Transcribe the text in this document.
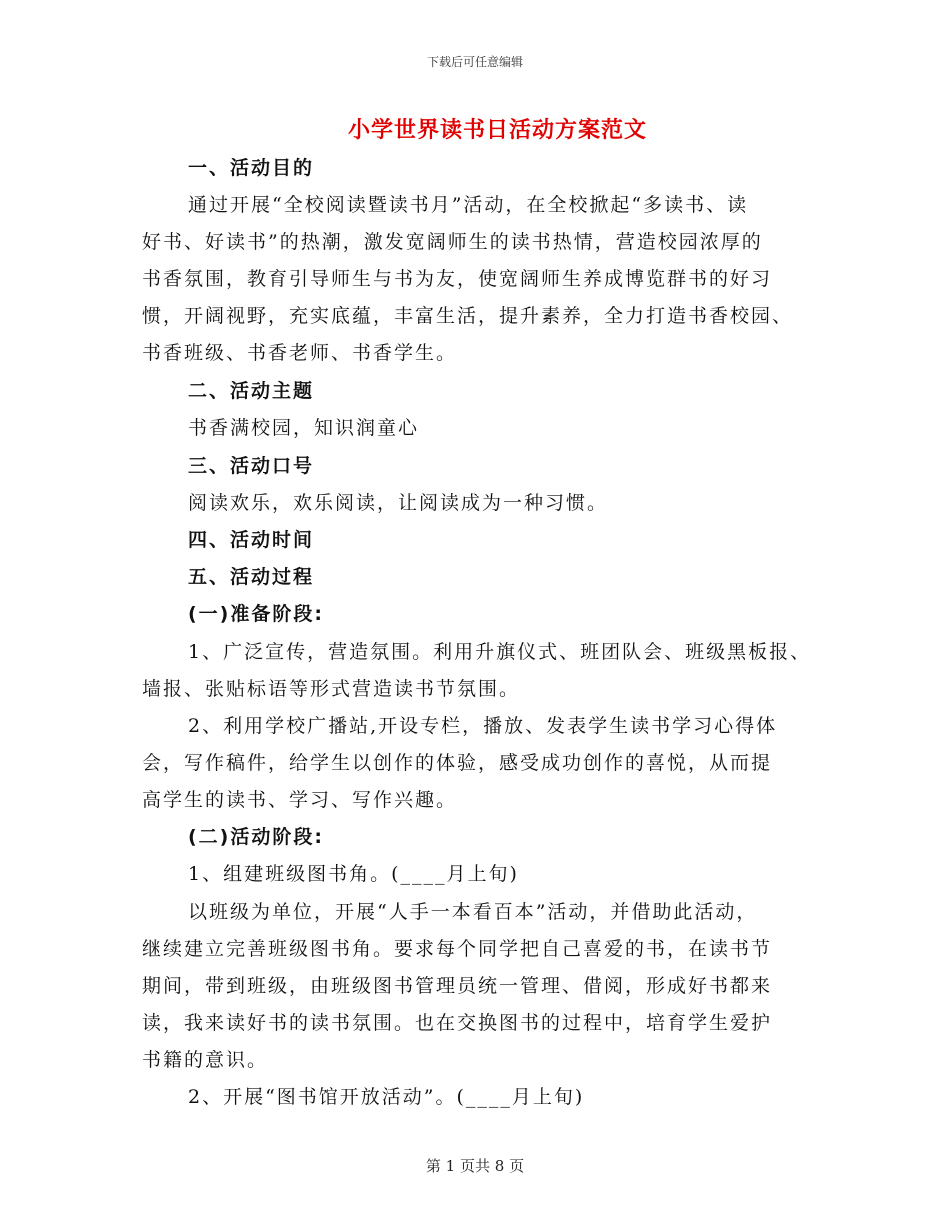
下载后可任意编辑
小学世界读书日活动方案范文
一、活动目的
通过开展“全校阅读暨读书月”活动，在全校掀起“多读书、读
好书、好读书”的热潮，激发宽阔师生的读书热情，营造校园浓厚的
书香氛围，教育引导师生与书为友，使宽阔师生养成博览群书的好习
惯，开阔视野，充实底蕴，丰富生活，提升素养，全力打造书香校园、
书香班级、书香老师、书香学生。
二、活动主题
书香满校园，知识润童心
三、活动口号
阅读欢乐，欢乐阅读，让阅读成为一种习惯。
四、活动时间
五、活动过程
(一)准备阶段:
1、广泛宣传，营造氛围。利用升旗仪式、班团队会、班级黑板报、
墙报、张贴标语等形式营造读书节氛围。
2、利用学校广播站,开设专栏，播放、发表学生读书学习心得体
会，写作稿件，给学生以创作的体验，感受成功创作的喜悦，从而提
高学生的读书、学习、写作兴趣。
(二)活动阶段:
1、组建班级图书角。(____月上旬)
以班级为单位，开展“人手一本看百本”活动，并借助此活动，
继续建立完善班级图书角。要求每个同学把自己喜爱的书，在读书节
期间，带到班级，由班级图书管理员统一管理、借阅，形成好书都来
读，我来读好书的读书氛围。也在交换图书的过程中，培育学生爱护
书籍的意识。
2、开展“图书馆开放活动”。(____月上旬)
第 1 页共 8 页
